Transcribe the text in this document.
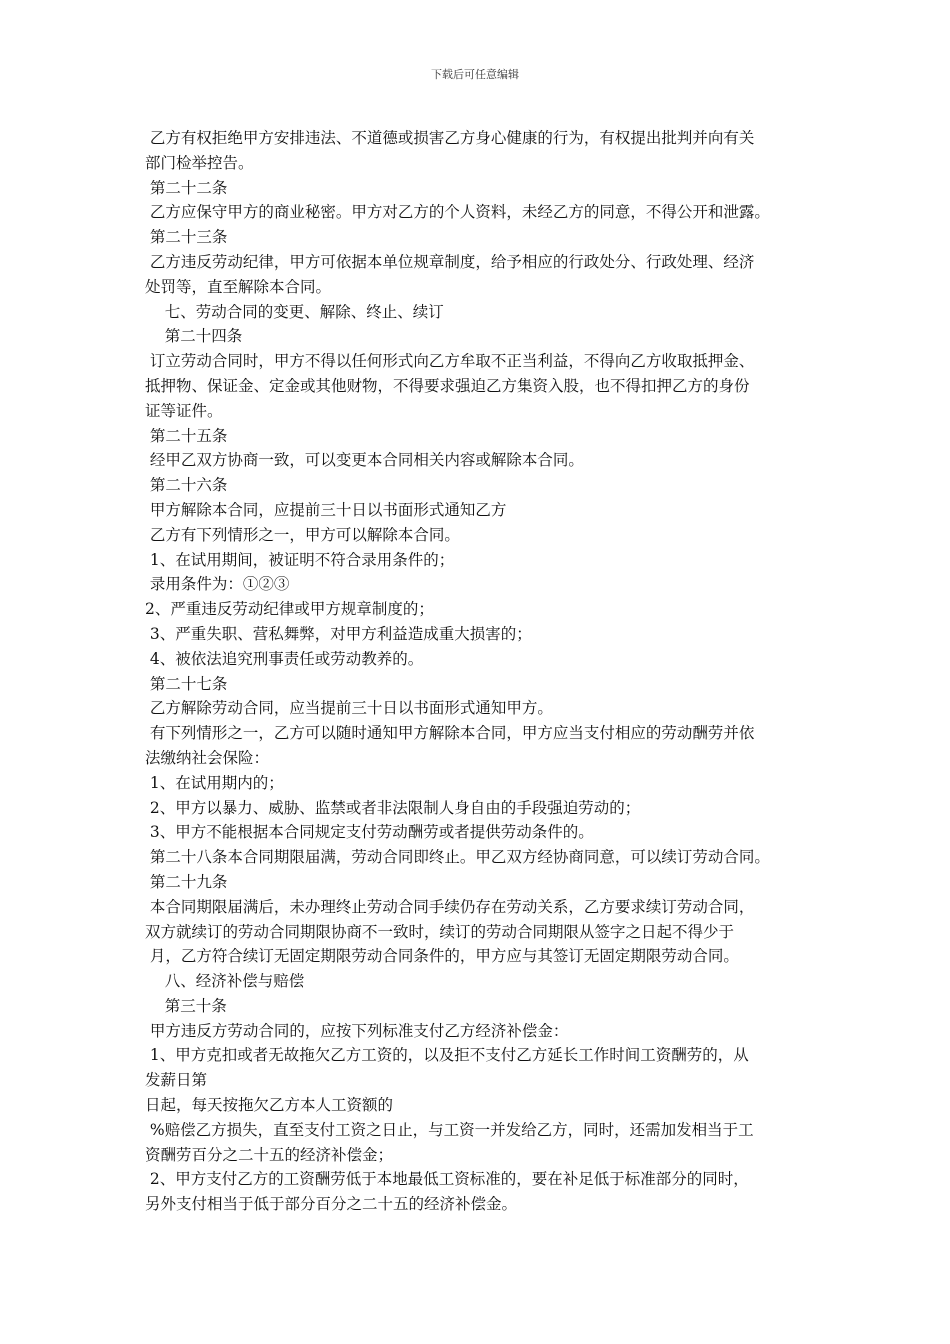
下载后可任意编辑
乙方有权拒绝甲方安排违法、不道德或损害乙方身心健康的行为，有权提出批判并向有关
部门检举控告。
第二十二条
乙方应保守甲方的商业秘密。甲方对乙方的个人资料，未经乙方的同意，不得公开和泄露。
第二十三条
乙方违反劳动纪律，甲方可依据本单位规章制度，给予相应的行政处分、行政处理、经济
处罚等，直至解除本合同。
七、劳动合同的变更、解除、终止、续订
第二十四条
订立劳动合同时，甲方不得以任何形式向乙方牟取不正当利益，不得向乙方收取抵押金、
抵押物、保证金、定金或其他财物，不得要求强迫乙方集资入股，也不得扣押乙方的身份
证等证件。
第二十五条
经甲乙双方协商一致，可以变更本合同相关内容或解除本合同。
第二十六条
甲方解除本合同，应提前三十日以书面形式通知乙方
乙方有下列情形之一，甲方可以解除本合同。
1、在试用期间，被证明不符合录用条件的；
录用条件为：①②③
2、严重违反劳动纪律或甲方规章制度的；
3、严重失职、营私舞弊，对甲方利益造成重大损害的；
4、被依法追究刑事责任或劳动教养的。
第二十七条
乙方解除劳动合同，应当提前三十日以书面形式通知甲方。
有下列情形之一，乙方可以随时通知甲方解除本合同，甲方应当支付相应的劳动酬劳并依
法缴纳社会保险：
1、在试用期内的；
2、甲方以暴力、威胁、监禁或者非法限制人身自由的手段强迫劳动的；
3、甲方不能根据本合同规定支付劳动酬劳或者提供劳动条件的。
第二十八条本合同期限届满，劳动合同即终止。甲乙双方经协商同意，可以续订劳动合同。
第二十九条
本合同期限届满后，未办理终止劳动合同手续仍存在劳动关系，乙方要求续订劳动合同，
双方就续订的劳动合同期限协商不一致时，续订的劳动合同期限从签字之日起不得少于
月，乙方符合续订无固定期限劳动合同条件的，甲方应与其签订无固定期限劳动合同。
八、经济补偿与赔偿
第三十条
甲方违反方劳动合同的，应按下列标准支付乙方经济补偿金：
1、甲方克扣或者无故拖欠乙方工资的，以及拒不支付乙方延长工作时间工资酬劳的，从
发薪日第
日起，每天按拖欠乙方本人工资额的
%赔偿乙方损失，直至支付工资之日止，与工资一并发给乙方，同时，还需加发相当于工
资酬劳百分之二十五的经济补偿金；
2、甲方支付乙方的工资酬劳低于本地最低工资标准的，要在补足低于标准部分的同时，
另外支付相当于低于部分百分之二十五的经济补偿金。
